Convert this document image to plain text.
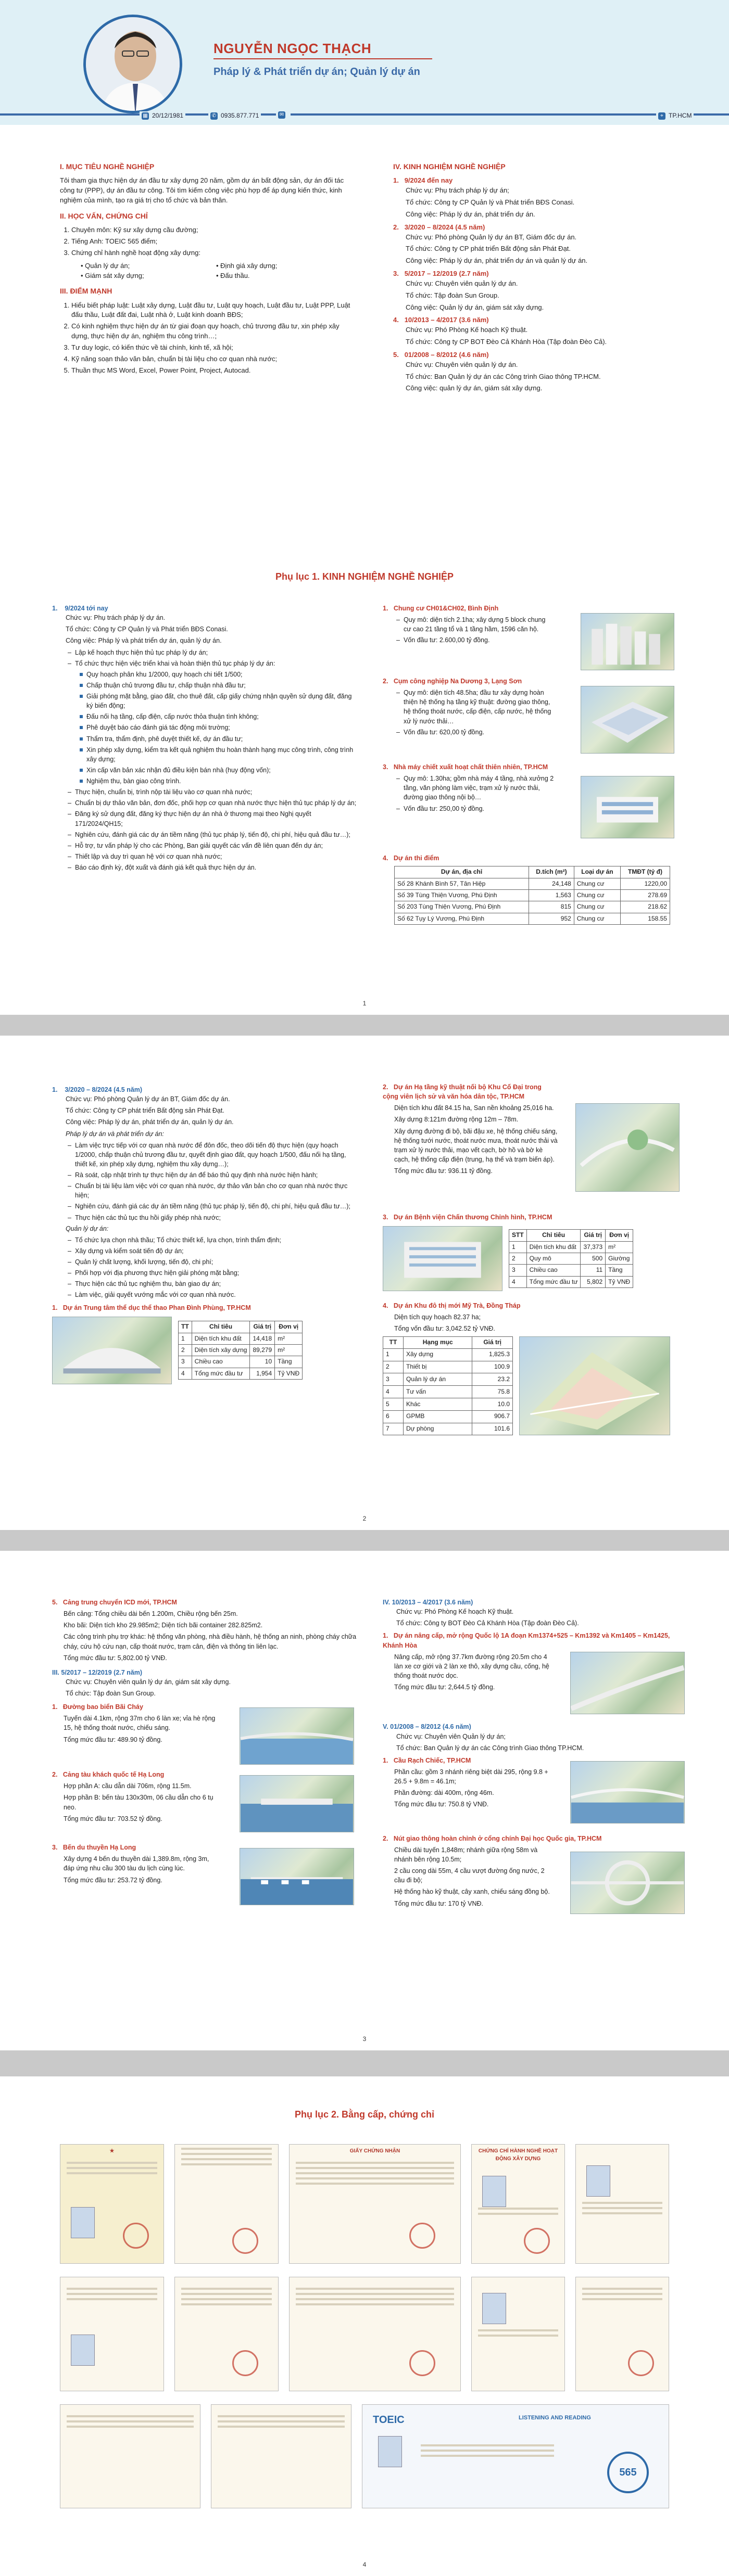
NGUYỄN NGỌC THẠCH
Pháp lý & Phát triển dự án; Quản lý dự án
▦ 20/12/1981	✆ 0935.877.771	✉	⌖ TP.HCM
I. MỤC TIÊU NGHỀ NGHIỆP

Tôi tham gia thực hiện dự án đầu tư xây dựng 20 năm, gồm dự án bất động sản, dự án đối tác công tư (PPP), dự án đầu tư công. Tôi tìm kiếm công việc phù hợp để áp dụng kiến thức, kinh nghiệm của mình, tạo ra giá trị cho tổ chức và bản thân.

II. HỌC VẤN, CHỨNG CHỈ
1. Chuyên môn: Kỹ sư xây dựng cầu đường;
2. Tiếng Anh: TOEIC 565 điểm;
3. Chứng chỉ hành nghề hoạt động xây dựng:
• Quản lý dự án;	• Định giá xây dựng;
• Giám sát xây dựng;	• Đấu thầu.
III. ĐIỂM MẠNH
1. Hiểu biết pháp luật: Luật xây dựng, Luật đầu tư, Luật quy hoạch, Luật đầu tư, Luật PPP, Luật đấu thầu, Luật đất đai, Luật nhà ở, Luật kinh doanh BĐS;
2. Có kinh nghiệm thực hiện dự án từ giai đoạn quy hoạch, chủ trương đầu tư, xin phép xây dựng, thực hiện dự án, nghiệm thu công trình…;
3. Tư duy logic, có kiến thức về tài chính, kinh tế, xã hội;
4. Kỹ năng soạn thảo văn bản, chuẩn bị tài liệu cho cơ quan nhà nước;
5. Thuần thục MS Word, Excel, Power Point, Project, Autocad.
IV. KINH NGHIỆM NGHỀ NGHIỆP
1.   9/2024 đến nay

Chức vụ: Phụ trách pháp lý dự án;

Tổ chức: Công ty CP Quản lý và Phát triển BĐS Conasi.

Công việc: Pháp lý dự án, phát triển dự án.

2.   3/2020 – 8/2024 (4.5 năm)

Chức vụ: Phó phòng Quản lý dự án BT, Giám đốc dự án.

Tổ chức: Công ty CP phát triển Bất động sản Phát Đạt.

Công việc: Pháp lý dự án, phát triển dự án và quản lý dự án.

3.   5/2017 – 12/2019 (2.7 năm)

Chức vụ: Chuyên viên quản lý dự án.

Tổ chức: Tập đoàn Sun Group.

Công việc: Quản lý dự án, giám sát xây dựng.

4.   10/2013 – 4/2017 (3.6 năm)

Chức vụ: Phó Phòng Kế hoạch Kỹ thuật.

Tổ chức: Công ty CP BOT Đèo Cả Khánh Hòa (Tập đoàn Đèo Cả).

5.   01/2008 – 8/2012 (4.6 năm)

Chức vụ: Chuyên viên quản lý dự án.

Tổ chức: Ban Quản lý dự án các Công trình Giao thông TP.HCM.

Công việc: quản lý dự án, giám sát xây dựng.

Phụ lục 1. KINH NGHIỆM NGHỀ NGHIỆP
1.    9/2024 tới nay

Chức vụ: Phụ trách pháp lý dự án.

Tổ chức: Công ty CP Quản lý và Phát triển BĐS Conasi.

Công việc: Pháp lý và phát triển dự án, quản lý dự án.

– Lập kế hoạch thực hiện thủ tục pháp lý dự án;
– Tổ chức thực hiện việc triển khai và hoàn thiện thủ tục pháp lý dự án:
Quy hoạch phân khu 1/2000, quy hoạch chi tiết 1/500;
Chấp thuận chủ trương đầu tư, chấp thuận nhà đầu tư;
Giải phóng mặt bằng, giao đất, cho thuê đất, cấp giấy chứng nhận quyền sử dụng đất, đăng ký biến động;
Đấu nối hạ tầng, cấp điện, cấp nước thỏa thuận tình không;
Phê duyệt báo cáo đánh giá tác động môi trường;
Thẩm tra, thẩm định, phê duyệt thiết kế, dự án đầu tư;
Xin phép xây dựng, kiểm tra kết quả nghiệm thu hoàn thành hạng mục công trình, công trình xây dựng;
Xin cấp văn bản xác nhận đủ điều kiện bán nhà (huy động vốn);
Nghiệm thu, bàn giao công trình.
– Thực hiện, chuẩn bị, trình nộp tài liệu vào cơ quan nhà nước;
– Chuẩn bị dự thảo văn bản, đơn đốc, phối hợp cơ quan nhà nước thực hiện thủ tục pháp lý dự án;
– Đăng ký sử dụng đất, đăng ký thực hiện dự án nhà ở thương mại theo Nghị quyết 171/2024/QH15;
– Nghiên cứu, đánh giá các dự án tiềm năng (thủ tục pháp lý, tiến độ, chi phí, hiệu quả đầu tư…);
– Hỗ trợ, tư vấn pháp lý cho các Phòng, Ban giải quyết các vấn đề liên quan đến dự án;
– Thiết lập và duy trì quan hệ với cơ quan nhà nước;
– Báo cáo định kỳ, đột xuất và đánh giá kết quả thực hiện dự án.
1.   Chung cư CH01&CH02, Bình Định
– Quy mô: diện tích 2.1ha; xây dựng 5 block chung cư cao 21 tầng tổ và 1 tầng hầm, 1596 căn hộ.
– Vốn đầu tư: 2.600,00 tỷ đồng.
2.   Cụm công nghiệp Na Dương 3, Lạng Sơn
– Quy mô: diện tích 48.5ha; đầu tư xây dựng hoàn thiện hệ thống hạ tầng kỹ thuật: đường giao thông, hệ thống thoát nước, cấp điện, cấp nước, hệ thống xử lý nước thải…
– Vốn đầu tư: 620,00 tỷ đồng.
3.   Nhà máy chiết xuất hoạt chất thiên nhiên, TP.HCM
– Quy mô: 1.30ha; gồm nhà máy 4 tầng, nhà xưởng 2 tầng, văn phòng làm việc, trạm xử lý nước thải, đường giao thông nội bộ…
– Vốn đầu tư: 250,00 tỷ đồng.
4.   Dự án thi điểm
Dự án, địa chỉ	D.tích (m²)	Loại dự án	TMĐT (tỷ đ)
Số 28 Khánh Bình 57, Tân Hiệp	24,148	Chung cư	1220,00
Số 39 Tùng Thiện Vương, Phú Định	1,563	Chung cư	278.69
Số 203 Tùng Thiện Vương, Phú Định	815	Chung cư	218.62
Số 62 Tụy Lý Vương, Phú Định	952	Chung cư	158.55
1
1.    3/2020 – 8/2024 (4.5 năm)

Chức vụ: Phó phòng Quản lý dự án BT, Giám đốc dự án.

Tổ chức: Công ty CP phát triển Bất động sản Phát Đạt.

Công việc: Pháp lý dự án, phát triển dự án, quản lý dự án.

Pháp lý dự án và phát triển dự án:

– Làm việc trực tiếp với cơ quan nhà nước để đôn đốc, theo dõi tiến độ thực hiện (quy hoạch 1/2000, chấp thuận chủ trương đầu tư, quyết định giao đất, quy hoạch 1/500, đấu nối hạ tầng, thiết kế, xin phép xây dựng, nghiệm thu xây dựng…);
– Rà soát, cập nhật trình tự thực hiện dự án để báo thủ quy định nhà nước hiện hành;
– Chuẩn bị tài liệu làm việc với cơ quan nhà nước, dự thảo văn bản cho cơ quan nhà nước thực hiện;
– Nghiên cứu, đánh giá các dự án tiềm năng (thủ tục pháp lý, tiến độ, chi phí, hiệu quả đầu tư…);
– Thực hiện các thủ tục thu hồi giấy phép nhà nước;

Quản lý dự án:

– Tổ chức lựa chọn nhà thầu; Tổ chức thiết kế, lựa chọn, trình thẩm định;
– Xây dựng và kiểm soát tiến độ dự án;
– Quản lý chất lượng, khối lượng, tiến độ, chi phí;
– Phối hợp với địa phương thực hiện giải phóng mặt bằng;
– Thực hiện các thủ tục nghiệm thu, bàn giao dự án;
– Làm việc, giải quyết vướng mắc với cơ quan nhà nước.
1.   Dự án Trung tâm thể dục thể thao Phan Đình Phùng, TP.HCM
TT	Chỉ tiêu	Giá trị	Đơn vị
1	Diện tích khu đất	14,418	m²
2	Diện tích xây dựng	89,279	m²
3	Chiều cao	10	Tầng
4	Tổng mức đầu tư	1,954	Tỷ VNĐ
2.   Dự án Hạ tầng kỹ thuật nối bộ Khu Cố Đại trong cộng viên lịch sử và văn hóa dân tộc, TP.HCM

Diện tích khu đất 84.15 ha, San nền khoảng 25,016 ha.

Xây dựng 8:121m đường rộng 12m – 78m.

Xây dựng đường đi bộ, bãi đậu xe, hệ thống chiếu sáng, hệ thống tưới nước, thoát nước mưa, thoát nước thải và trạm xử lý nước thải, mạo vết cạch, bờ hồ và bờ kè cạch, hệ thống cấp điện (trung, hạ thế và trạm biến áp).

Tổng mức đầu tư: 936.11 tỷ đồng.

3.   Dự án Bệnh viện Chấn thương Chỉnh hình, TP.HCM
STT	Chỉ tiêu	Giá trị	Đơn vị
1	Diện tích khu đất	37,373	m²
2	Quy mô	500	Giường
3	Chiều cao	11	Tầng
4	Tổng mức đầu tư	5,802	Tỷ VNĐ
4.   Dự án Khu đô thị mới Mỹ Trà, Đồng Tháp

Diện tích quy hoạch 82.37 ha;

Tổng vốn đầu tư: 3,042.52 tỷ VNĐ.

TT	Hạng mục	Giá trị
1	Xây dựng	1,825.3
2	Thiết bị	100.9
3	Quản lý dự án	23.2
4	Tư vấn	75.8
5	Khác	10.0
6	GPMB	906.7
7	Dự phòng	101.6
2
5.   Cảng trung chuyển ICD mới, TP.HCM

Bến cảng: Tổng chiều dài bến 1.200m, Chiều rộng bến 25m.

Kho bãi: Diện tích kho 29.985m2; Diện tích bãi container 282.825m2.

Các công trình phụ trợ khác: hệ thống văn phòng, nhà điều hành, hệ thống an ninh, phòng cháy chữa cháy, cứu hộ cứu nạn, cấp thoát nước, trạm cân, điện và thông tin liên lạc.

Tổng mức đầu tư: 5,802.00 tỷ VNĐ.

III. 5/2017 – 12/2019 (2.7 năm)

Chức vụ: Chuyên viên quản lý dự án, giám sát xây dựng.

Tổ chức: Tập đoàn Sun Group.

1.   Đường bao biển Bãi Cháy

Tuyến dài 4.1km, rộng 37m cho 6 làn xe; vỉa hè rộng 15, hệ thống thoát nước, chiếu sáng.

Tổng mức đầu tư: 489.90 tỷ đồng.

2.   Cảng tàu khách quốc tế Hạ Long

Hợp phần A: cầu dẫn dài 706m, rộng 11.5m.

Hợp phần B: bến tàu 130x30m, 06 cầu dẫn cho 6 tụ neo.

Tổng mức đầu tư: 703.52 tỷ đồng.

3.   Bến du thuyền Hạ Long

Xây dựng 4 bến du thuyền dài 1,389.8m, rộng 3m, đáp ứng nhu cầu 300 tàu du lịch cùng lúc.

Tổng mức đầu tư: 253.72 tỷ đồng.

IV. 10/2013 – 4/2017 (3.6 năm)

Chức vụ: Phó Phòng Kế hoạch Kỹ thuật.

Tổ chức: Công ty BOT Đèo Cả Khánh Hòa (Tập đoàn Đèo Cả).

1.   Dự án nâng cấp, mở rộng Quốc lộ 1A đoạn Km1374+525 – Km1392 và Km1405 – Km1425, Khánh Hòa

Nâng cấp, mở rộng 37.7km đường rộng 20.5m cho 4 làn xe cơ giới và 2 làn xe thô, xây dựng cầu, cống, hệ thống thoát nước dọc.

Tổng mức đầu tư: 2,644.5 tỷ đồng.

V. 01/2008 – 8/2012 (4.6 năm)

Chức vụ: Chuyên viên Quản lý dự án;

Tổ chức: Ban Quản lý dự án các Công trình Giao thông TP.HCM.

1.   Cầu Rạch Chiếc, TP.HCM

Phần cầu: gồm 3 nhánh riêng biệt dài 295, rộng 9.8 + 26.5 + 9.8m = 46.1m;

Phần đường: dài 400m, rộng 46m.

Tổng mức đầu tư: 750.8 tỷ VNĐ.

2.   Nút giao thông hoàn chỉnh ở cổng chính Đại học Quốc gia, TP.HCM

Chiều dài tuyến 1,848m; nhánh giữa rộng 58m và nhánh bên rộng 10.5m;

2 cầu cong dài 55m, 4 cầu vượt đường ống nước, 2 cầu đi bộ;

Hệ thống hào kỹ thuật, cây xanh, chiếu sáng đồng bộ.

Tổng mức đầu tư: 170 tỷ VNĐ.

3
Phụ lục 2. Bằng cấp, chứng chỉ
★	GIẤY CHỨNG NHẬN	CHỨNG CHỈ HÀNH NGHỀ HOẠT ĐỘNG XÂY DỰNG
TOEIC	LISTENING AND READING
565
4
